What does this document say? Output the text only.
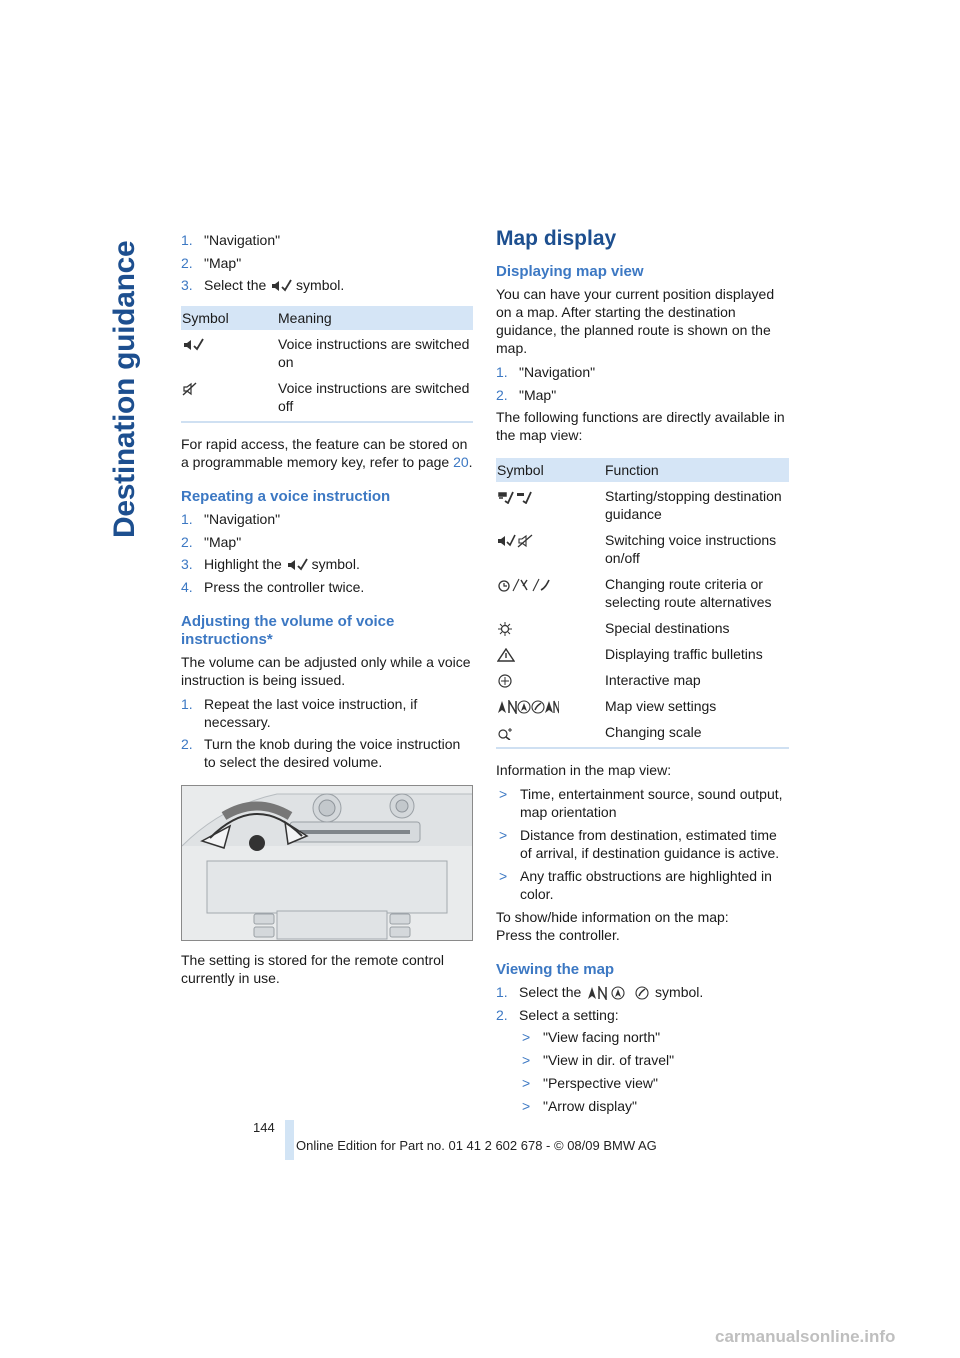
Destination guidance
1. "Navigation"
2. "Map"
3. Select the symbol.
Symbol	Meaning
Voice instructions are switched on
Voice instructions are switched off

For rapid access, the feature can be stored on a programmable memory key, refer to page 20.

Repeating a voice instruction
1. "Navigation"
2. "Map"
3. Highlight the symbol.
4. Press the controller twice.
Adjusting the volume of voice instructions*

The volume can be adjusted only while a voice instruction is being issued.

1. Repeat the last voice instruction, if necessary.
2. Turn the knob during the voice instruction to select the desired volume.

The setting is stored for the remote control currently in use.

Map display
Displaying map view

You can have your current position displayed on a map. After starting the destination guidance, the planned route is shown on the map.

1. "Navigation"
2. "Map"

The following functions are directly available in the map view:

Symbol	Function
Starting/stopping destination guidance
Switching voice instructions on/off
Changing route criteria or selecting route alternatives
Special destinations
Displaying traffic bulletins
Interactive map
Map view settings
Changing scale

Information in the map view:

> Time, entertainment source, sound output, map orientation
> Distance from destination, estimated time of arrival, if destination guidance is active.
> Any traffic obstructions are highlighted in color.

To show/hide information on the map:

Press the controller.

Viewing the map
1. Select the	symbol.
2. Select a setting:
> "View facing north"
> "View in dir. of travel"
> "Perspective view"
> "Arrow display"
144
Online Edition for Part no. 01 41 2 602 678 - © 08/09 BMW AG
carmanualsonline.info
